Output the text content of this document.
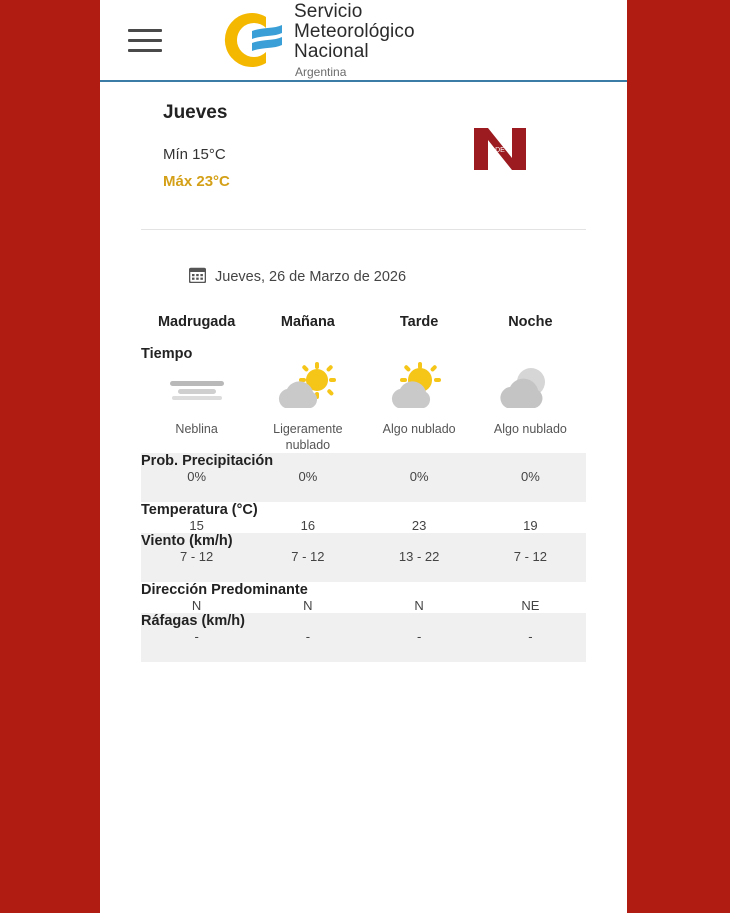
Servicio
Meteorológico
Nacional
Argentina
Jueves
Mín 15°C
Máx 23°C
DE
Jueves, 26 de Marzo de 2026
Madrugada	Mañana	Tarde	Noche
Tiempo			

Neblina	Ligeramente nublado	Algo nublado	Algo nublado

Prob. Precipitación			
0%	0%	0%	0%
Temperatura (°C)			
15	16	23	19
Viento (km/h)			
7 - 12	7 - 12	13 - 22	7 - 12
Dirección Predominante			
N	N	N	NE
Ráfagas (km/h)			
-	-	-	-
